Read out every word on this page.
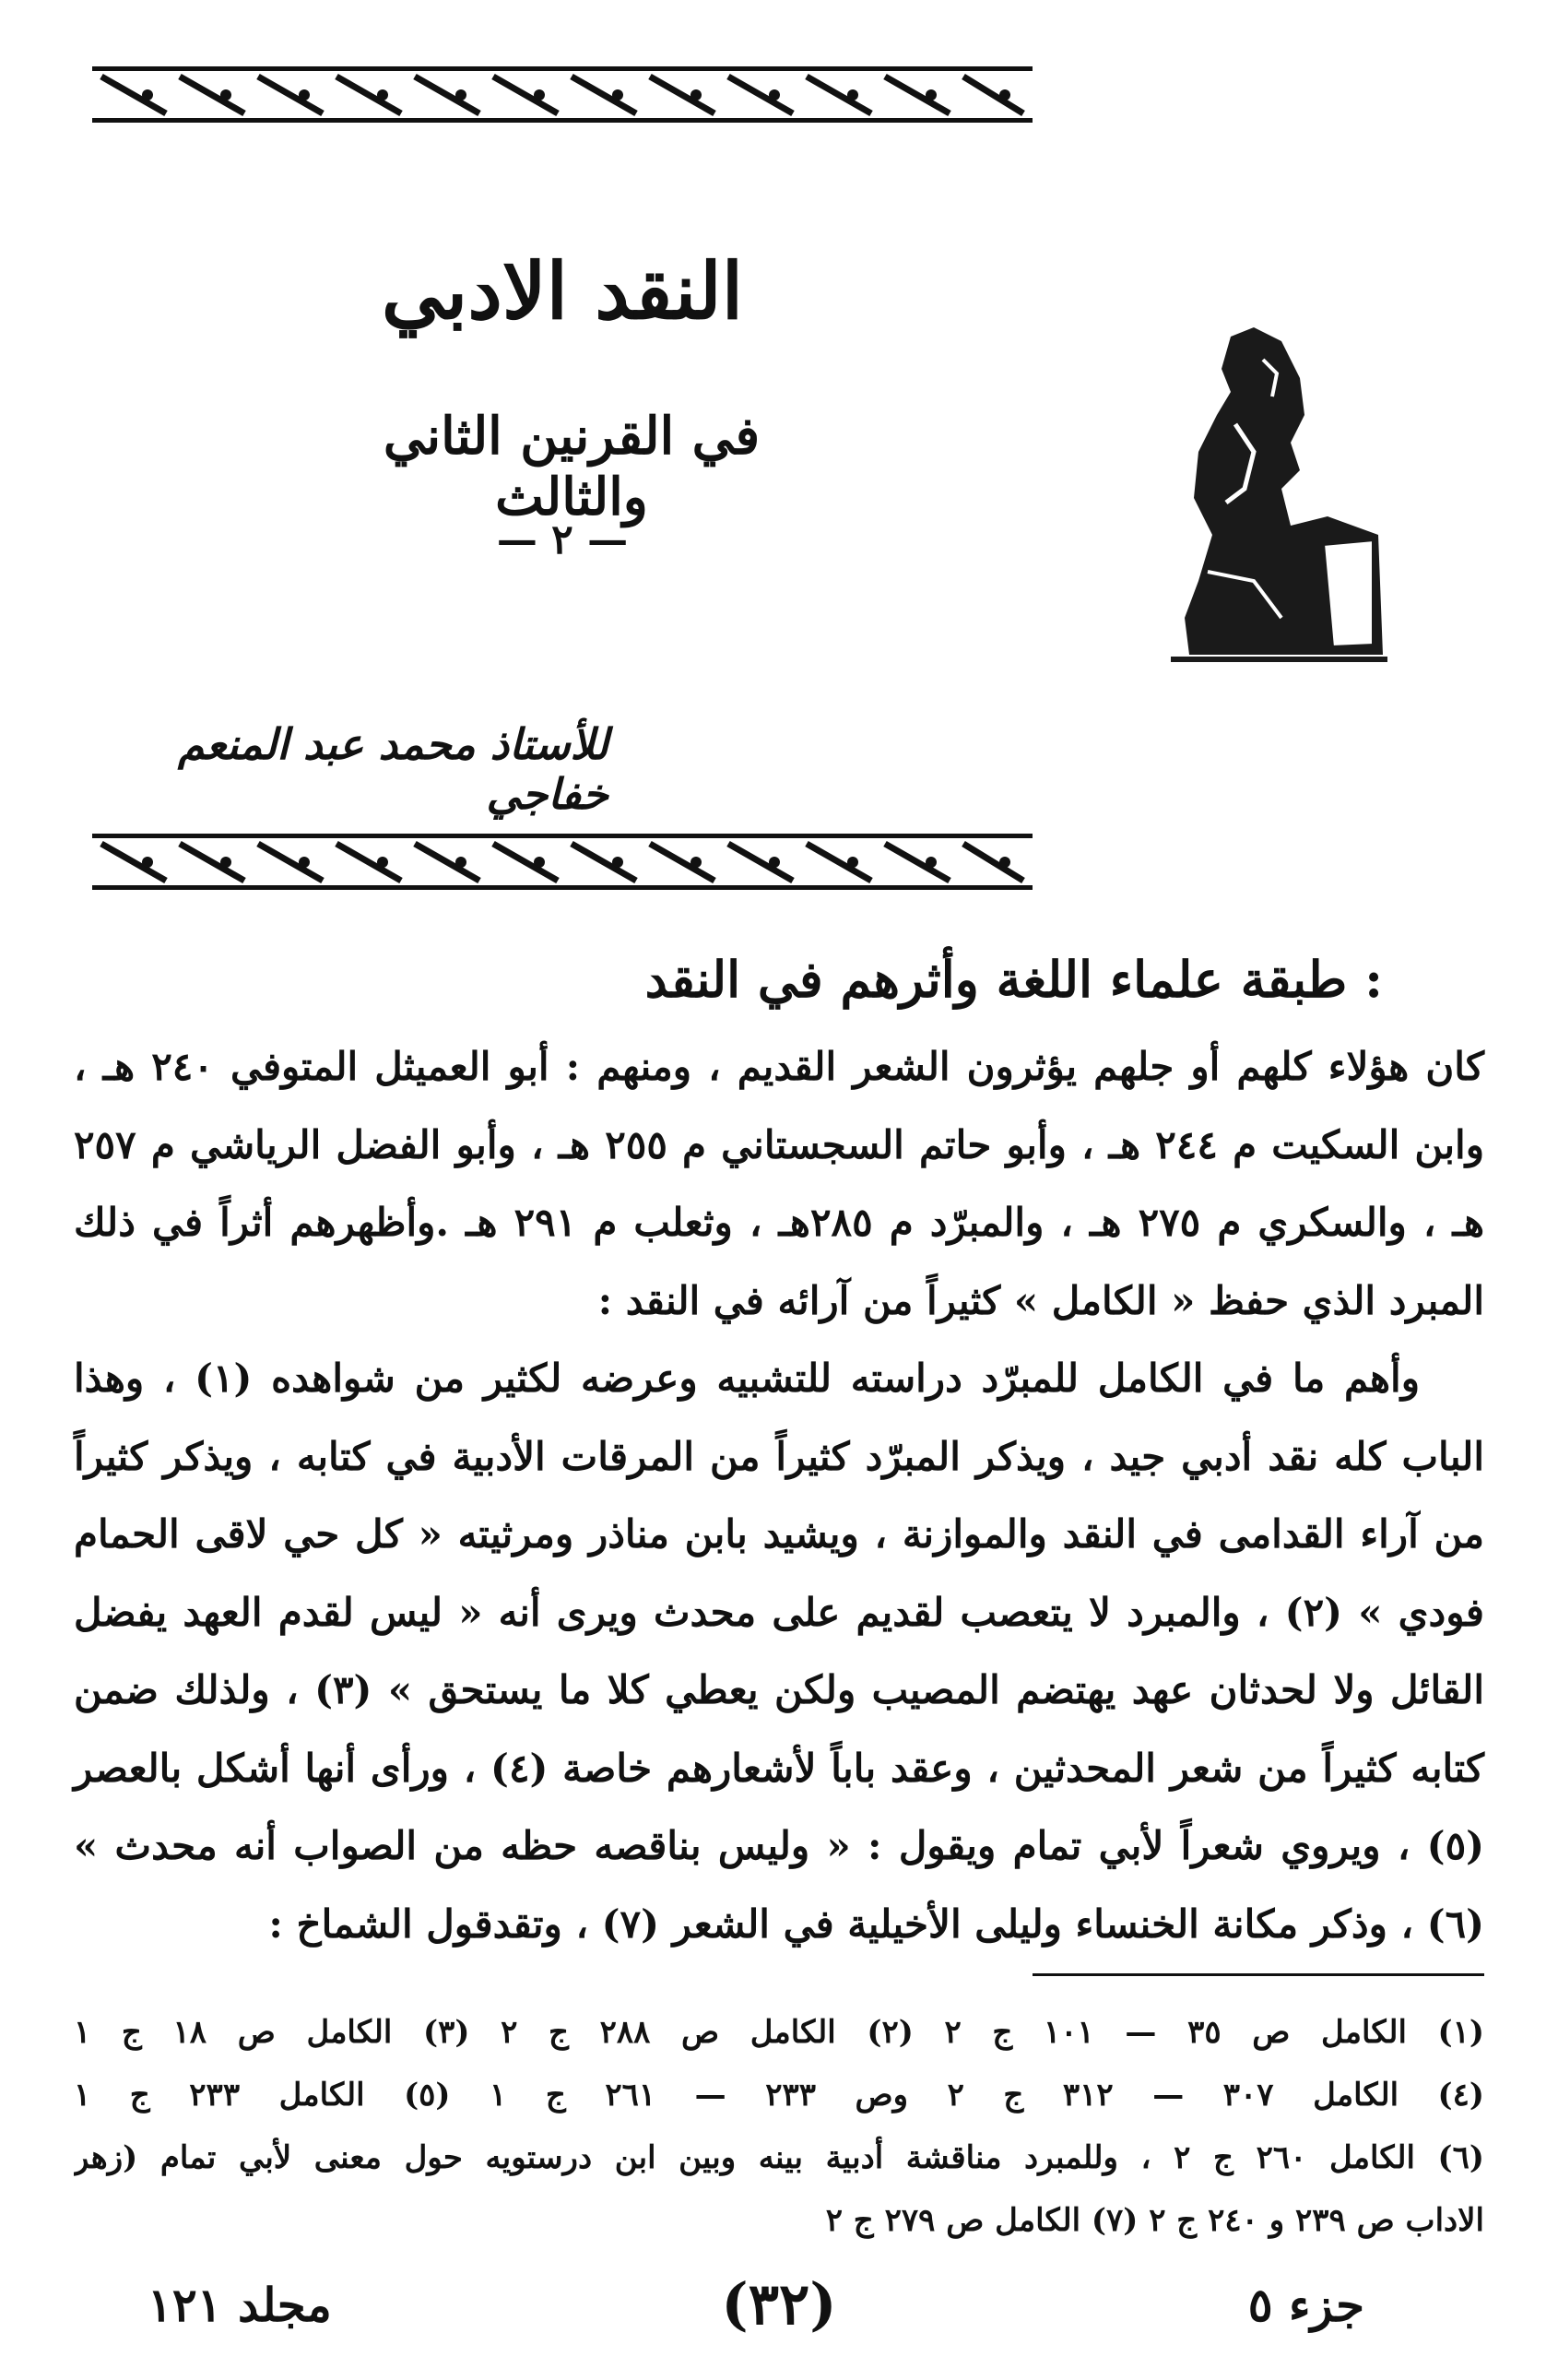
النقد الادبي
في القرنين الثاني والثالث
— ٢ —
للأستاذ محمد عبد المنعم خفاجي
طبقة علماء اللغة وأثرهم في النقد :

كان هؤلاء كلهم أو جلهم يؤثرون الشعر القديم ، ومنهم : أبو العميثل المتوفي ٢٤٠ هـ ، وابن السكيت م ٢٤٤ هـ ، وأبو حاتم السجستاني م ٢٥٥ هـ ، وأبو الفضل الرياشي م ٢٥٧ هـ ، والسكري م ٢٧٥ هـ ، والمبرّد م ٢٨٥هـ ، وثعلب م ٢٩١ هـ .وأظهرهم أثراً في ذلك المبرد الذي حفظ « الكامل » كثيراً من آرائه في النقد :

وأهم ما في الكامل للمبرّد دراسته للتشبيه وعرضه لكثير من شواهده (١) ، وهذا الباب كله نقد أدبي جيد ، ويذكر المبرّد كثيراً من المرقات الأدبية في كتابه ، ويذكر كثيراً من آراء القدامى في النقد والموازنة ، ويشيد بابن مناذر ومرثيته « كل حي لاقى الحمام فودي » (٢) ، والمبرد لا يتعصب لقديم على محدث ويرى أنه « ليس لقدم العهد يفضل القائل ولا لحدثان عهد يهتضم المصيب ولكن يعطي كلا ما يستحق » (٣) ، ولذلك ضمن كتابه كثيراً من شعر المحدثين ، وعقد باباً لأشعارهم خاصة (٤) ، ورأى أنها أشكل بالعصر (٥) ، ويروي شعراً لأبي تمام ويقول : « وليس بناقصه حظه من الصواب أنه محدث » (٦) ، وذكر مكانة الخنساء وليلى الأخيلية في الشعر (٧) ، وتقدقول الشماخ :

(١) الكامل ص ٣٥ — ١٠١ ج ٢ (٢) الكامل ص ٢٨٨ ج ٢ (٣) الكامل ص ١٨ ج ١
(٤) الكامل ٣٠٧ — ٣١٢ ج ٢ وص ٢٣٣ — ٢٦١ ج ١ (٥) الكامل ٢٣٣ ج ١
(٦) الكامل ٢٦٠ ج ٢ ، وللمبرد مناقشة أدبية بينه وبين ابن درستويه حول معنى لأبي تمام (زهر
الاداب ص ٢٣٩ و ٢٤٠ ج ٢ (٧) الكامل ص ٢٧٩ ج ٢
جزء ٥
(٣٢)
مجلد ١٢١
